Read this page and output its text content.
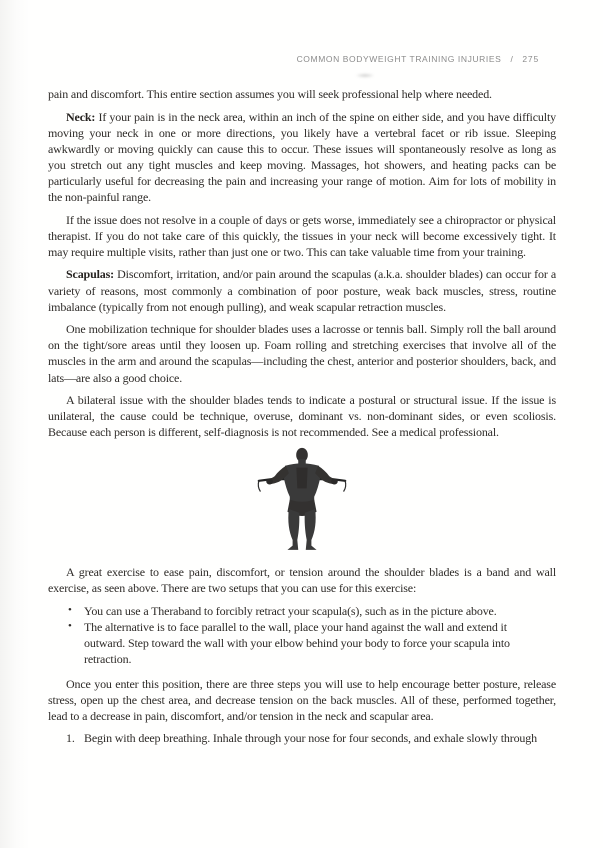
COMMON BODYWEIGHT TRAINING INJURIES / 275

pain and discomfort. This entire section assumes you will seek professional help where needed.

Neck: If your pain is in the neck area, within an inch of the spine on either side, and you have difficulty moving your neck in one or more directions, you likely have a vertebral facet or rib issue. Sleeping awkwardly or moving quickly can cause this to occur. These issues will spontaneously resolve as long as you stretch out any tight muscles and keep moving. Massages, hot showers, and heating packs can be particularly useful for decreasing the pain and increasing your range of motion. Aim for lots of mobility in the non-painful range.

If the issue does not resolve in a couple of days or gets worse, immediately see a chiropractor or physical therapist. If you do not take care of this quickly, the tissues in your neck will become excessively tight. It may require multiple visits, rather than just one or two. This can take valuable time from your training.

Scapulas: Discomfort, irritation, and/or pain around the scapulas (a.k.a. shoulder blades) can occur for a variety of reasons, most commonly a combination of poor posture, weak back muscles, stress, routine imbalance (typically from not enough pulling), and weak scapular retraction muscles.

One mobilization technique for shoulder blades uses a lacrosse or tennis ball. Simply roll the ball around on the tight/sore areas until they loosen up. Foam rolling and stretching exercises that involve all of the muscles in the arm and around the scapulas—including the chest, anterior and posterior shoulders, back, and lats—are also a good choice.

A bilateral issue with the shoulder blades tends to indicate a postural or structural issue. If the issue is unilateral, the cause could be technique, overuse, dominant vs. non-dominant sides, or even scoliosis. Because each person is different, self-diagnosis is not recommended. See a medical professional.

A great exercise to ease pain, discomfort, or tension around the shoulder blades is a band and wall exercise, as seen above. There are two setups that you can use for this exercise:

• You can use a Theraband to forcibly retract your scapula(s), such as in the picture above.
• The alternative is to face parallel to the wall, place your hand against the wall and extend it outward. Step toward the wall with your elbow behind your body to force your scapula into retraction.

Once you enter this position, there are three steps you will use to help encourage better posture, release stress, open up the chest area, and decrease tension on the back muscles. All of these, performed together, lead to a decrease in pain, discomfort, and/or tension in the neck and scapular area.

1. Begin with deep breathing. Inhale through your nose for four seconds, and exhale slowly through
